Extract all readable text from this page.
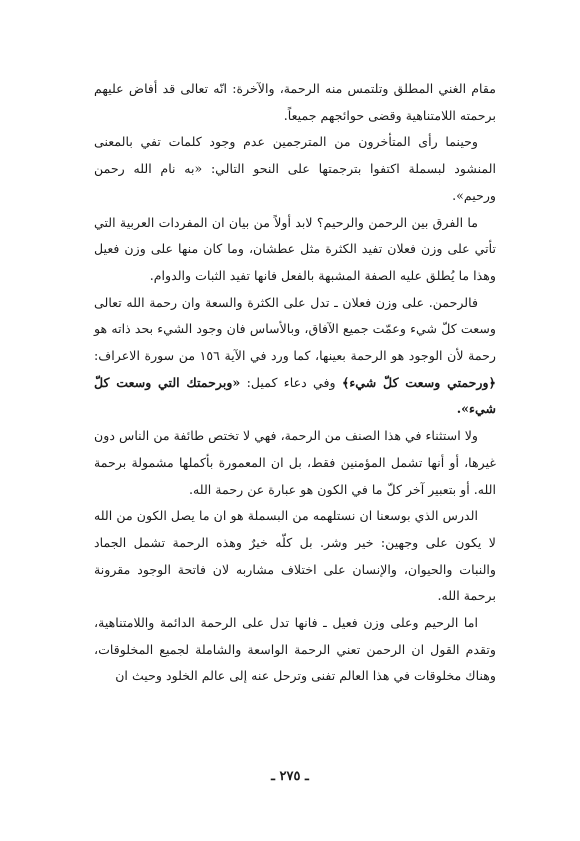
مقام الغني المطلق وتلتمس منه الرحمة، والآخرة: انّه تعالى قد أفاض عليهم برحمته اللامتناهية وقضى حوائجهم جميعاً.

وحينما رأى المتأخرون من المترجمين عدم وجود كلمات تفي بالمعنى المنشود لبسملة اكتفوا بترجمتها على النحو التالي: «به نام الله رحمن ورحيم».

ما الفرق بين الرحمن والرحيم؟ لابد أولاً من بيان ان المفردات العربية التي تأتي على وزن فعلان تفيد الكثرة مثل عطشان، وما كان منها على وزن فعيل وهذا ما يُطلق عليه الصفة المشبهة بالفعل فانها تفيد الثبات والدوام.

فالرحمن. على وزن فعلان ـ تدل على الكثرة والسعة وان رحمة الله تعالى وسعت كلّ شيء وعمّت جميع الآفاق، وبالأساس فان وجود الشيء بحد ذاته هو رحمة لأن الوجود هو الرحمة بعينها، كما ورد في الآية ١٥٦ من سورة الاعراف: ﴿ورحمتي وسعت كلّ شيء﴾ وفي دعاء كميل: «وبرحمتك التي وسعت كلّ شيء».

ولا استثناء في هذا الصنف من الرحمة، فهي لا تختص طائفة من الناس دون غيرها، أو أنها تشمل المؤمنين فقط، بل ان المعمورة بأكملها مشمولة برحمة الله. أو بتعبير آخر كلّ ما في الكون هو عبارة عن رحمة الله.

الدرس الذي بوسعنا ان نستلهمه من البسملة هو ان ما يصل الكون من الله لا يكون على وجهين: خير وشر. بل كلّه خيرٌ وهذه الرحمة تشمل الجماد والنبات والحيوان، والإنسان على اختلاف مشاربه لان فاتحة الوجود مقرونة برحمة الله.

اما الرحيم وعلى وزن فعيل ـ فانها تدل على الرحمة الدائمة واللامتناهية، وتقدم القول ان الرحمن تعني الرحمة الواسعة والشاملة لجميع المخلوقات، وهناك مخلوقات في هذا العالم تفنى وترحل عنه إلى عالم الخلود وحيث ان

ـ ٢٧٥ ـ
